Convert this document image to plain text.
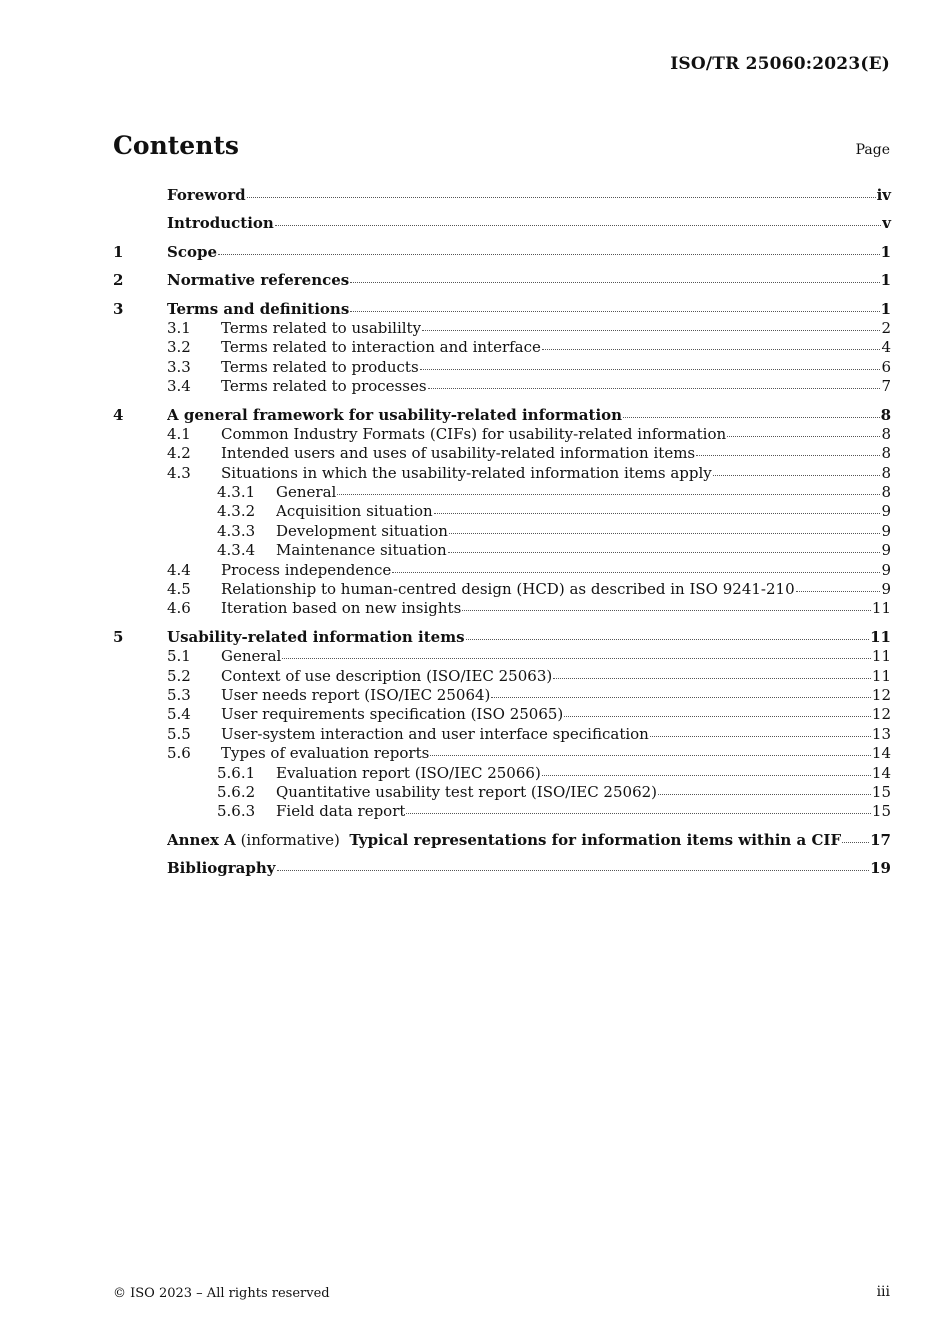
ISO/TR 25060:2023(E)
Contents	Page
Foreword	iv
Introduction	v
1	Scope	1
2	Normative references	1
3	Terms and definitions	1
3.1	Terms related to usabililty	2
3.2	Terms related to interaction and interface	4
3.3	Terms related to products	6
3.4	Terms related to processes	7
4	A general framework for usability-related information	8
4.1	Common Industry Formats (CIFs) for usability-related information	8
4.2	Intended users and uses of usability-related information items	8
4.3	Situations in which the usability-related information items apply	8
4.3.1	General	8
4.3.2	Acquisition situation	9
4.3.3	Development situation	9
4.3.4	Maintenance situation	9
4.4	Process independence	9
4.5	Relationship to human-centred design (HCD) as described in ISO 9241-210	9
4.6	Iteration based on new insights	11
5	Usability-related information items	11
5.1	General	11
5.2	Context of use description (ISO/IEC 25063)	11
5.3	User needs report (ISO/IEC 25064)	12
5.4	User requirements specification (ISO 25065)	12
5.5	User-system interaction and user interface specification	13
5.6	Types of evaluation reports	14
5.6.1	Evaluation report (ISO/IEC 25066)	14
5.6.2	Quantitative usability test report (ISO/IEC 25062)	15
5.6.3	Field data report	15
Annex A (informative)  Typical representations for information items within a CIF 17
Bibliography	19
© ISO 2023 – All rights reserved	iii
